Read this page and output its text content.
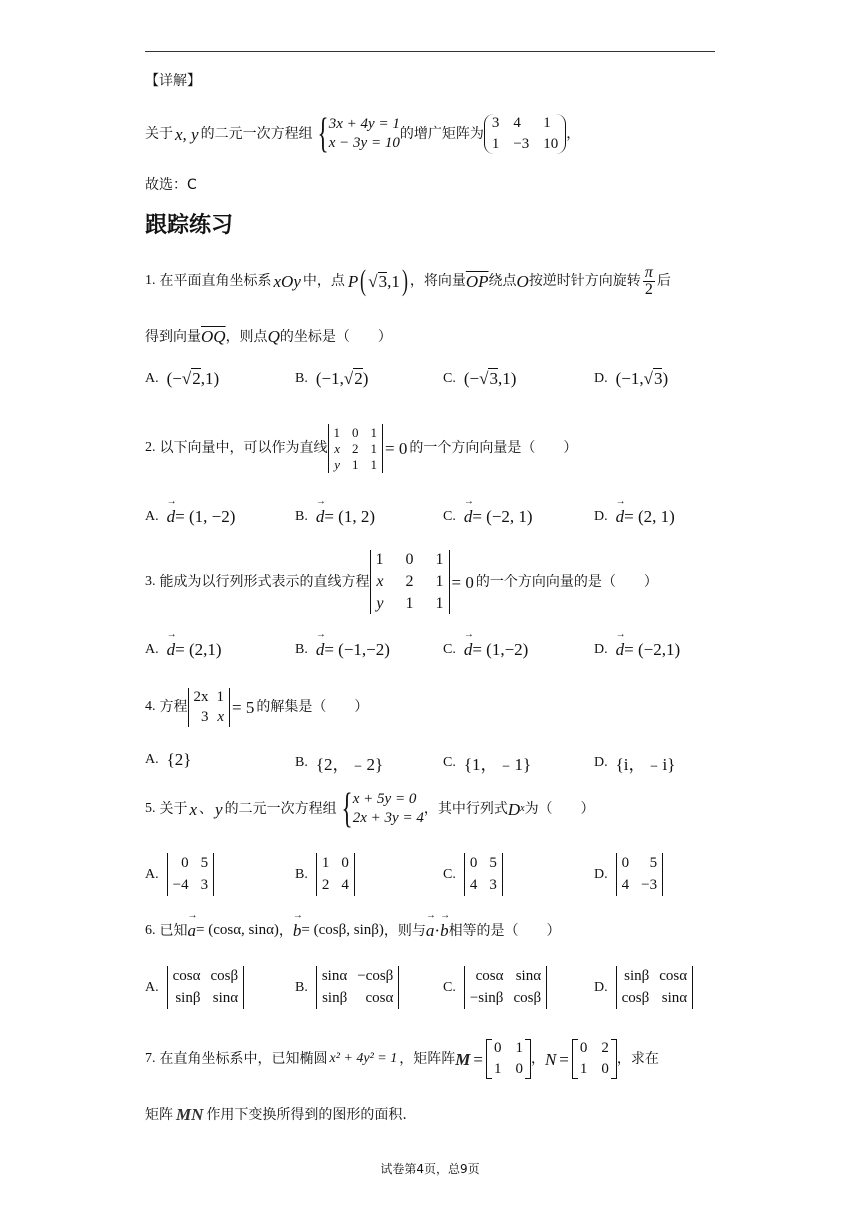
【详解】
关于 x, y 的二元一次方程组 { 3x + 4y = 1
x − 3y = 10
的增广矩阵为
3 4	1
1 −3 10
，
故选：C
跟踪练习
1. 在平面直角坐标系 xOy 中，点 P ( √ 3 ,1 ) ，将向量 $\overline{OP}$ 绕点 O 按逆时针方向旋转 $\frac{\pi}{2}$ 后
得到向量 $\overline{OQ}$ ，则点 Q 的坐标是（　　）
A. (− √ 2 ,1)	B. (−1, √ 2 )	C. (− √ 3 ,1)	D. (−1, √ 3 )
2. 以下向量中，可以作为直线
1 0 1
x 2 1
y 1 1
= 0 的一个方向向量是（　　）
A. → d = (1, −2)	B. → d = (1, 2)	C. → d = (−2, 1)	D. → d = (2, 1)
3. 能成为以行列形式表示的直线方程
1 0 1
x 2 1
y 1 1
= 0 的一个方向向量的是（　　）
A. → d = (2,1)	B. → d = (−1,−2)	C. → d = (1,−2)	D. → d = (−2,1)
4. 方程
2x 1
3 x = 5 的解集是（　　）
A. {2}	B. {2，﹣2}	C. {1，﹣1}	D. {i，﹣i}
5. 关于 x 、 y 的二元一次方程组 { x + 5y = 0
2x + 3y = 4
，其中行列式 D x 为（　　）
A.
0 5
−4 3
B.
1 0
2 4
C.
0 5
4 3
D.
0	5
4 −3
6. 已知 → a = (cosα, sinα) ， → b = (cosβ, sinβ) ，则与 → a · → b 相等的是（　　）
A.
cosα cosβ
sinβ sinα
B.
sinα −cosβ
sinβ	cosα
C.
cosα sinα
−sinβ cosβ
D.
sinβ cosα
cosβ sinα
7. 在直角坐标系中，已知椭圆 x² + 4y² = 1 ，矩阵阵 M =
0 1
1 0
， N =
0 2
1 0
，求在
矩阵 MN 作用下变换所得到的图形的面积.
试卷第4页，总9页
